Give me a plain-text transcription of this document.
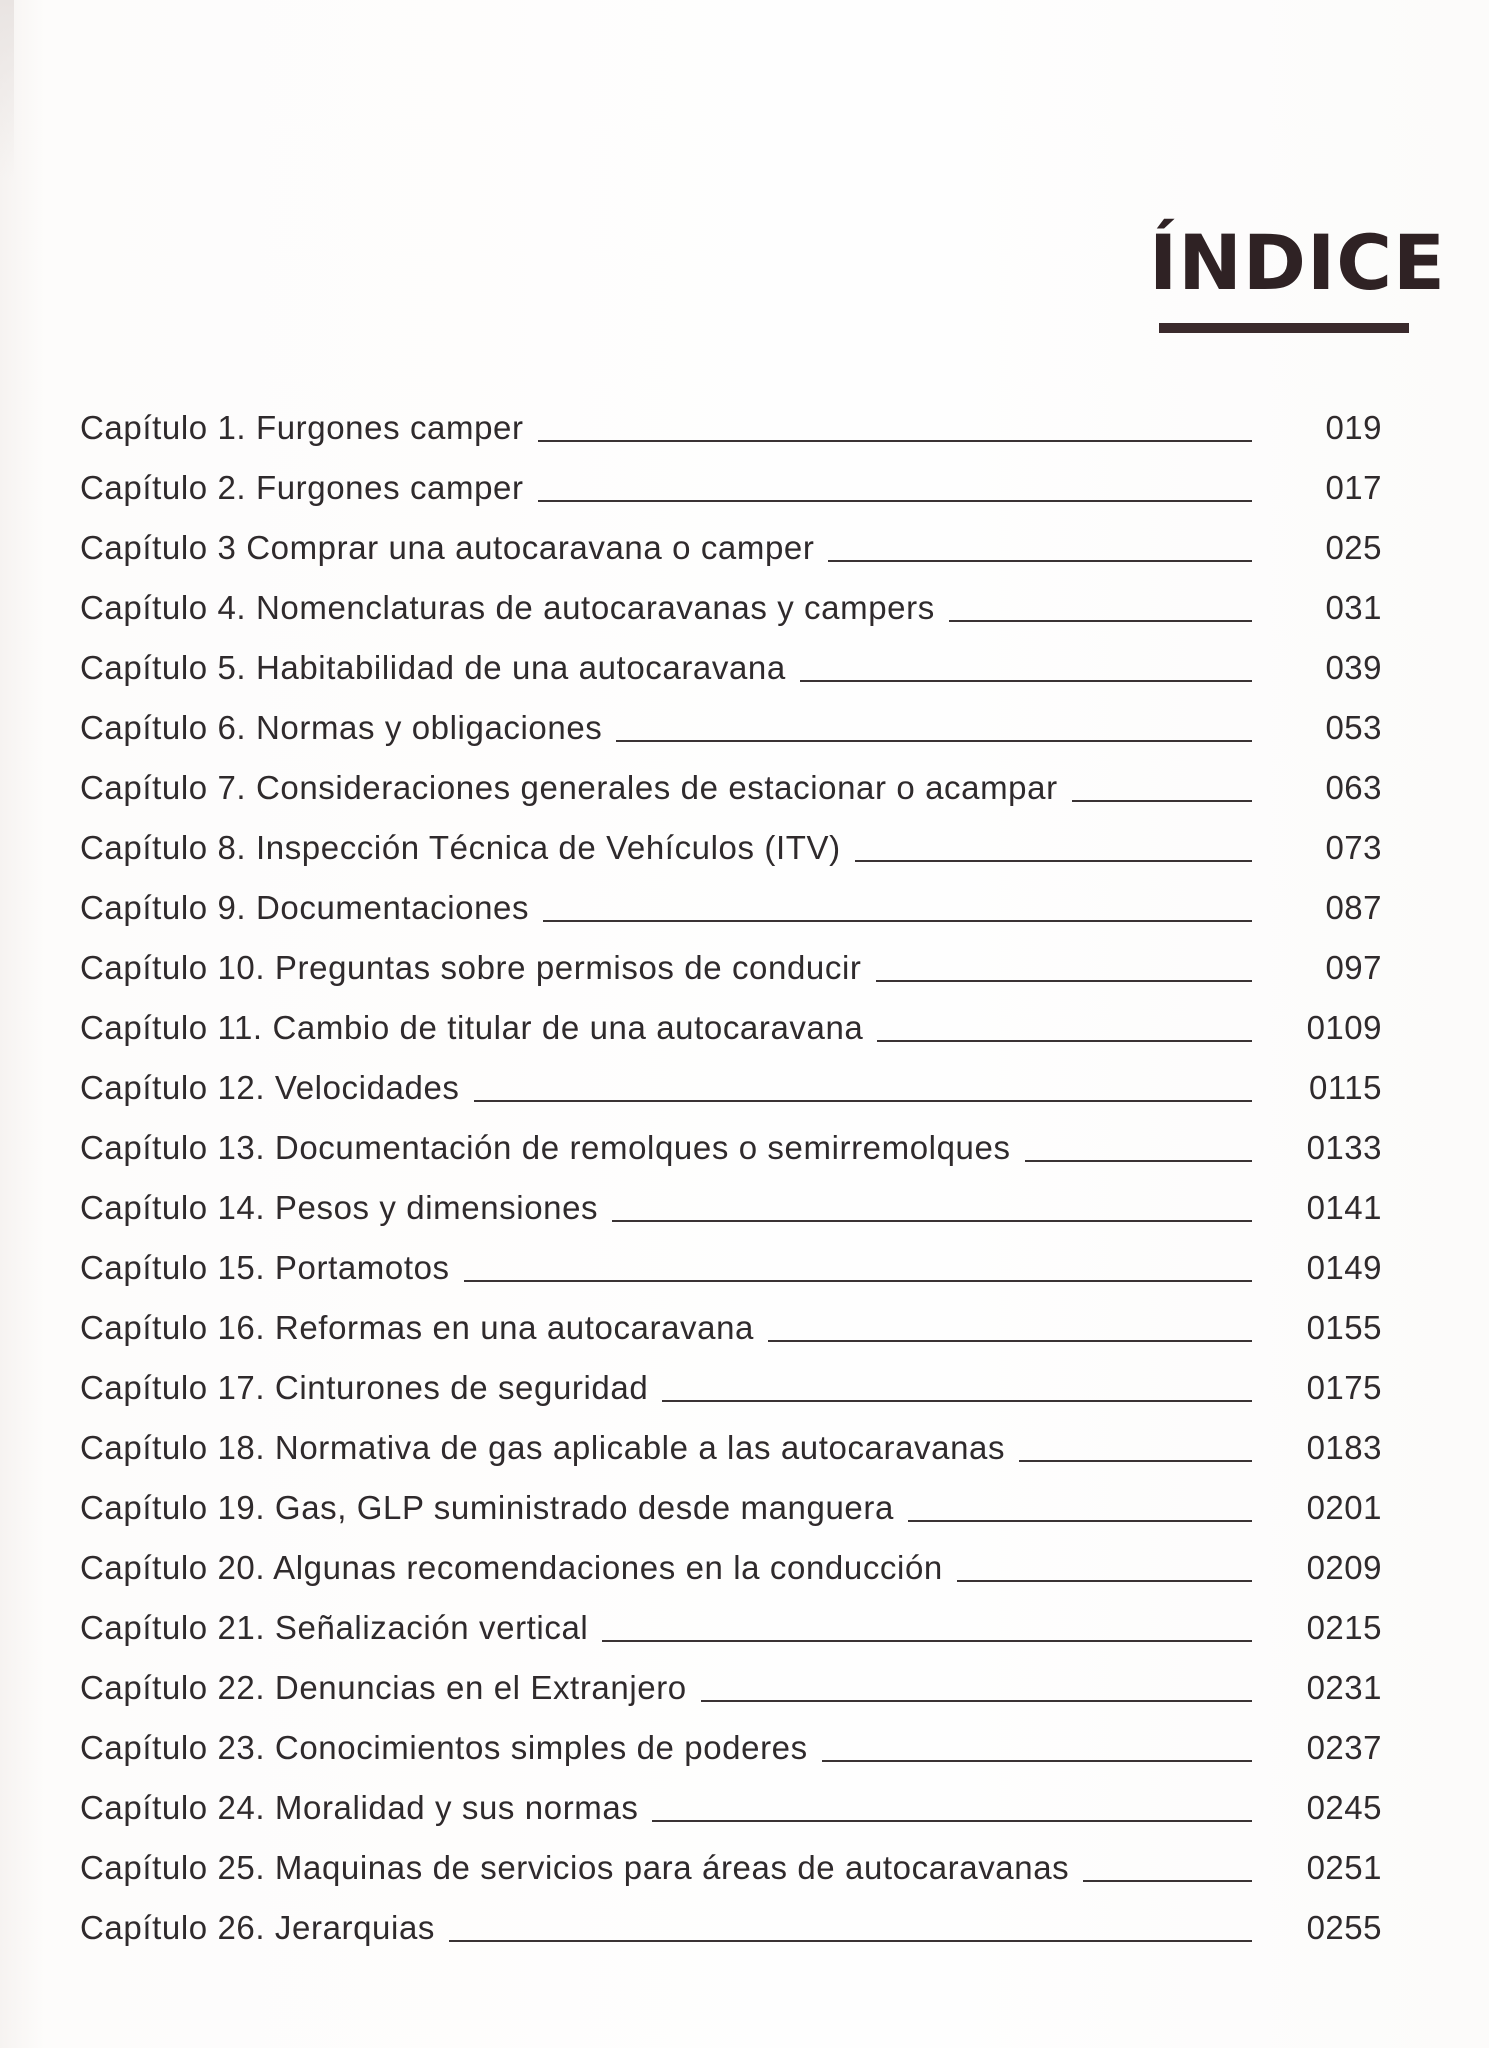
ÍNDICE
Capítulo 1. Furgones camper	019
Capítulo 2. Furgones camper	017
Capítulo 3 Comprar una autocaravana o camper	025
Capítulo 4. Nomenclaturas de autocaravanas y campers	031
Capítulo 5. Habitabilidad de una autocaravana	039
Capítulo 6. Normas y obligaciones	053
Capítulo 7. Consideraciones generales de estacionar o acampar	063
Capítulo 8. Inspección Técnica de Vehículos (ITV)	073
Capítulo 9. Documentaciones	087
Capítulo 10. Preguntas sobre permisos de conducir	097
Capítulo 11. Cambio de titular de una autocaravana	0109
Capítulo 12. Velocidades	0115
Capítulo 13. Documentación de remolques o semirremolques	0133
Capítulo 14. Pesos y dimensiones	0141
Capítulo 15. Portamotos	0149
Capítulo 16. Reformas en una autocaravana	0155
Capítulo 17. Cinturones de seguridad	0175
Capítulo 18. Normativa de gas aplicable a las autocaravanas	0183
Capítulo 19. Gas, GLP suministrado desde manguera	0201
Capítulo 20. Algunas recomendaciones en la conducción	0209
Capítulo 21. Señalización vertical	0215
Capítulo 22. Denuncias en el Extranjero	0231
Capítulo 23. Conocimientos simples de poderes	0237
Capítulo 24. Moralidad y sus normas	0245
Capítulo 25. Maquinas de servicios para áreas de autocaravanas	0251
Capítulo 26. Jerarquias	0255
